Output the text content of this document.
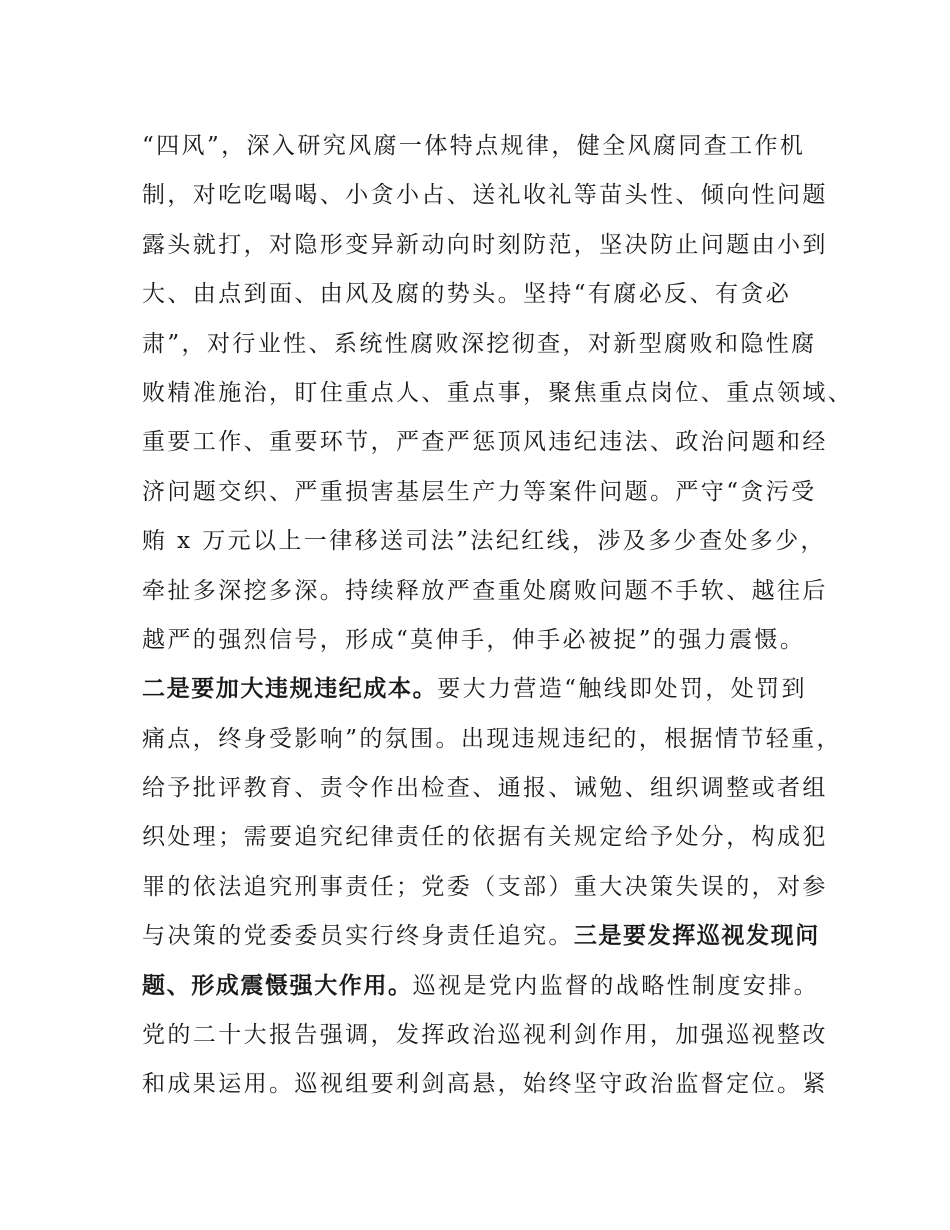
“四风”，深入研究风腐一体特点规律，健全风腐同查工作机
制，对吃吃喝喝、小贪小占、送礼收礼等苗头性、倾向性问题
露头就打，对隐形变异新动向时刻防范，坚决防止问题由小到
大、由点到面、由风及腐的势头。坚持“有腐必反、有贪必
肃”，对行业性、系统性腐败深挖彻查，对新型腐败和隐性腐
败精准施治，盯住重点人、重点事，聚焦重点岗位、重点领域、
重要工作、重要环节，严查严惩顶风违纪违法、政治问题和经
济问题交织、严重损害基层生产力等案件问题。严守“贪污受
贿 x 万元以上一律移送司法”法纪红线，涉及多少查处多少，
牵扯多深挖多深。持续释放严查重处腐败问题不手软、越往后
越严的强烈信号，形成“莫伸手，伸手必被捉”的强力震慑。
二是要加大违规违纪成本。要大力营造“触线即处罚，处罚到
痛点，终身受影响”的氛围。出现违规违纪的，根据情节轻重，
给予批评教育、责令作出检查、通报、诫勉、组织调整或者组
织处理；需要追究纪律责任的依据有关规定给予处分，构成犯
罪的依法追究刑事责任；党委（支部）重大决策失误的，对参
与决策的党委委员实行终身责任追究。三是要发挥巡视发现问
题、形成震慑强大作用。巡视是党内监督的战略性制度安排。
党的二十大报告强调，发挥政治巡视利剑作用，加强巡视整改
和成果运用。巡视组要利剑高悬，始终坚守政治监督定位。紧
